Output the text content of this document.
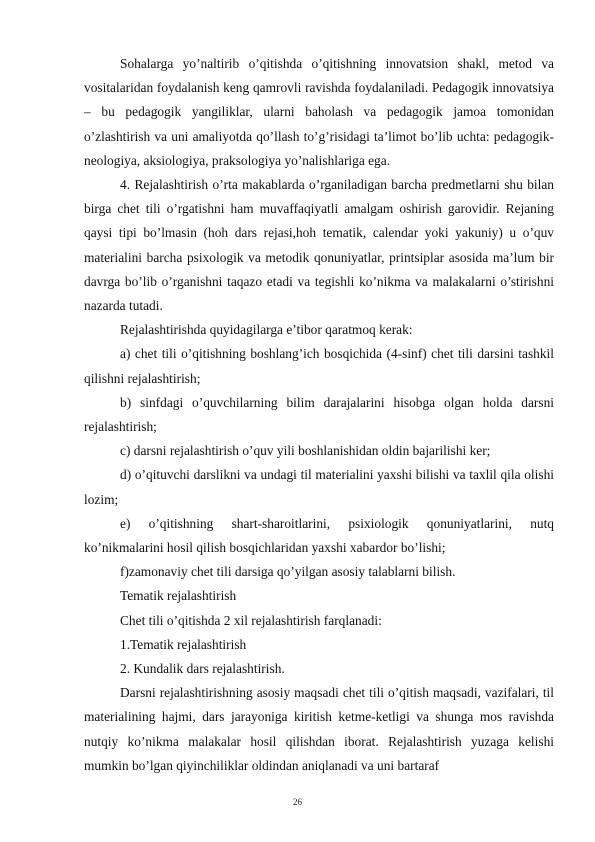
Sohalarga yo’naltirib o’qitishda o’qitishning innovatsion shakl, metod va vositalaridan foydalanish keng qamrovli ravishda foydalaniladi. Pedagogik innovatsiya – bu pedagogik yangiliklar, ularni baholash va pedagogik jamoa tomonidan o’zlashtirish va uni amaliyotda qo’llash to’g’risidagi ta’limot bo’lib uchta: pedagogik-neologiya, aksiologiya, praksologiya yo’nalishlariga ega.

4. Rejalashtirish o’rta makablarda o’rganiladigan barcha predmetlarni shu bilan birga chet tili o’rgatishni ham muvaffaqiyatli amalgam oshirish garovidir. Rejaning qaysi tipi bo’lmasin (hoh dars rejasi,hoh tematik, calendar yoki yakuniy) u o’quv materialini barcha psixologik va metodik qonuniyatlar, printsiplar asosida ma’lum bir davrga bo’lib o’rganishni taqazo etadi va tegishli ko’nikma va malakalarni o’stirishni nazarda tutadi.

Rejalashtirishda quyidagilarga e’tibor qaratmoq kerak:

a) chet tili o’qitishning boshlang’ich bosqichida (4-sinf) chet tili darsini tashkil qilishni rejalashtirish;

b) sinfdagi o’quvchilarning bilim darajalarini hisobga olgan holda darsni rejalashtirish;

c) darsni rejalashtirish o’quv yili boshlanishidan oldin bajarilishi ker;

d) o’qituvchi darslikni va undagi til materialini yaxshi bilishi va taxlil qila olishi lozim;

e) o’qitishning shart-sharoitlarini, psixiologik qonuniyatlarini, nutq ko’nikmalarini hosil qilish bosqichlaridan yaxshi xabardor bo’lishi;

f)zamonaviy chet tili darsiga qo’yilgan asosiy talablarni bilish.

Tematik rejalashtirish

Chet tili o’qitishda 2 xil rejalashtirish farqlanadi:

1.Tematik rejalashtirish

2. Kundalik dars rejalashtirish.

Darsni rejalashtirishning asosiy maqsadi chet tili o’qitish maqsadi, vazifalari, til materialining hajmi, dars jarayoniga kiritish ketme-ketligi va shunga mos ravishda nutqiy ko’nikma malakalar hosil qilishdan iborat. Rejalashtirish yuzaga kelishi mumkin bo’lgan qiyinchiliklar oldindan aniqlanadi va uni bartaraf

26
